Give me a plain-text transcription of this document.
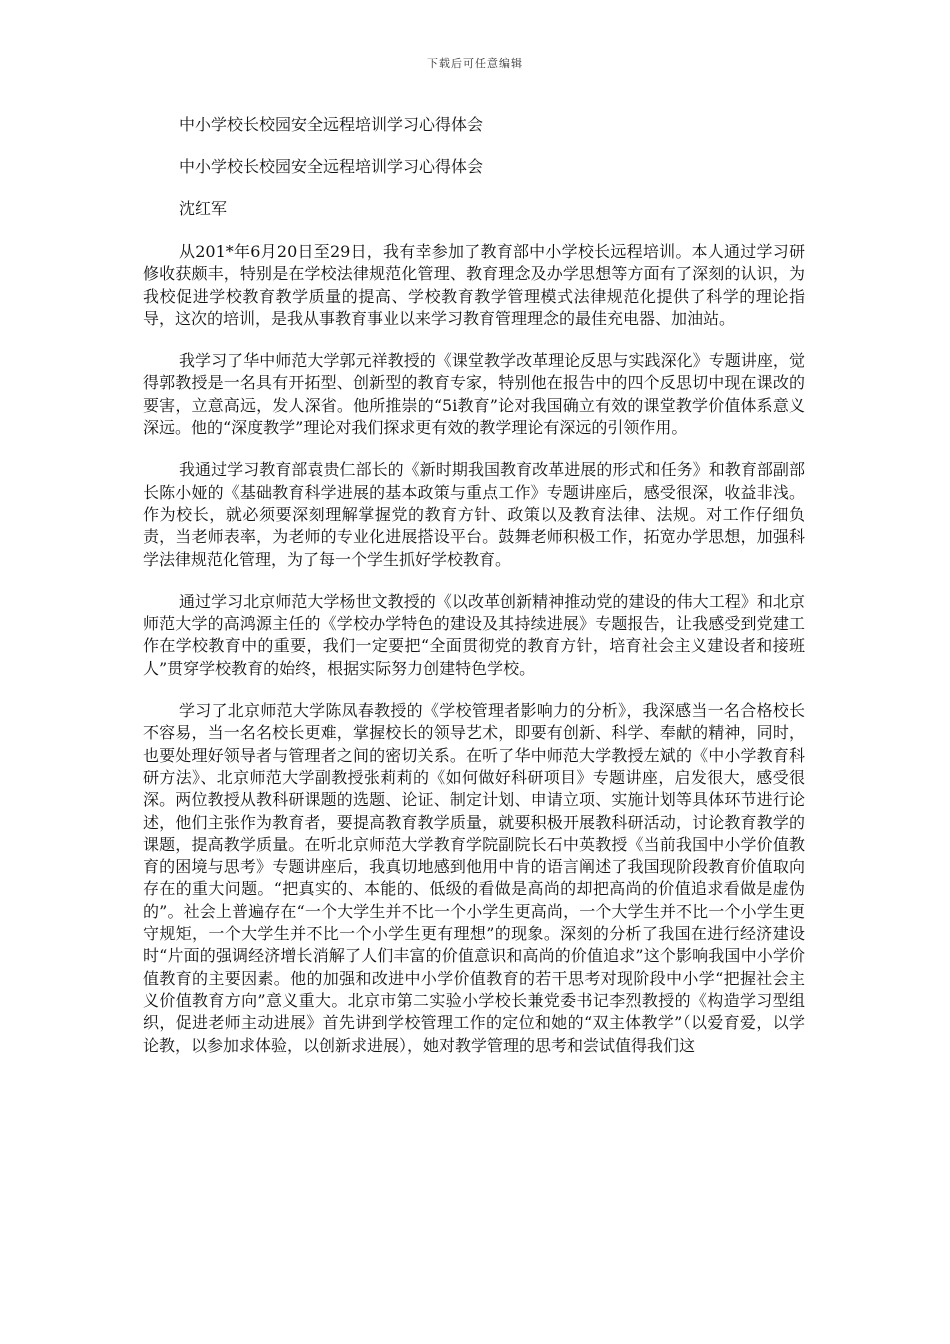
下载后可任意编辑
中小学校长校园安全远程培训学习心得体会
中小学校长校园安全远程培训学习心得体会
沈红军

从201*年6月20日至29日，我有幸参加了教育部中小学校长远程培训。本人通过学习研修收获颇丰，特别是在学校法律规范化管理、教育理念及办学思想等方面有了深刻的认识，为我校促进学校教育教学质量的提高、学校教育教学管理模式法律规范化提供了科学的理论指导，这次的培训，是我从事教育事业以来学习教育管理理念的最佳充电器、加油站。

我学习了华中师范大学郭元祥教授的《课堂教学改革理论反思与实践深化》专题讲座，觉得郭教授是一名具有开拓型、创新型的教育专家，特别他在报告中的四个反思切中现在课改的要害，立意高远，发人深省。他所推崇的“5i教育”论对我国确立有效的课堂教学价值体系意义深远。他的“深度教学”理论对我们探求更有效的教学理论有深远的引领作用。

我通过学习教育部袁贵仁部长的《新时期我国教育改革进展的形式和任务》和教育部副部长陈小娅的《基础教育科学进展的基本政策与重点工作》专题讲座后，感受很深，收益非浅。作为校长，就必须要深刻理解掌握党的教育方针、政策以及教育法律、法规。对工作仔细负责，当老师表率，为老师的专业化进展搭设平台。鼓舞老师积极工作，拓宽办学思想，加强科学法律规范化管理，为了每一个学生抓好学校教育。

通过学习北京师范大学杨世文教授的《以改革创新精神推动党的建设的伟大工程》和北京师范大学的高鸿源主任的《学校办学特色的建设及其持续进展》专题报告，让我感受到党建工作在学校教育中的重要，我们一定要把“全面贯彻党的教育方针，培育社会主义建设者和接班人”贯穿学校教育的始终，根据实际努力创建特色学校。

学习了北京师范大学陈凤春教授的《学校管理者影响力的分析》，我深感当一名合格校长不容易，当一名名校长更难，掌握校长的领导艺术，即要有创新、科学、奉献的精神，同时，也要处理好领导者与管理者之间的密切关系。在听了华中师范大学教授左斌的《中小学教育科研方法》、北京师范大学副教授张莉莉的《如何做好科研项目》专题讲座，启发很大，感受很深。两位教授从教科研课题的选题、论证、制定计划、申请立项、实施计划等具体环节进行论述，他们主张作为教育者，要提高教育教学质量，就要积极开展教科研活动，讨论教育教学的课题，提高教学质量。在听北京师范大学教育学院副院长石中英教授《当前我国中小学价值教育的困境与思考》专题讲座后，我真切地感到他用中肯的语言阐述了我国现阶段教育价值取向存在的重大问题。“把真实的、本能的、低级的看做是高尚的却把高尚的价值追求看做是虚伪的”。社会上普遍存在“一个大学生并不比一个小学生更高尚，一个大学生并不比一个小学生更守规矩，一个大学生并不比一个小学生更有理想”的现象。深刻的分析了我国在进行经济建设时“片面的强调经济增长消解了人们丰富的价值意识和高尚的价值追求”这个影响我国中小学价值教育的主要因素。他的加强和改进中小学价值教育的若干思考对现阶段中小学“把握社会主义价值教育方向”意义重大。北京市第二实验小学校长兼党委书记李烈教授的《构造学习型组织，促进老师主动进展》首先讲到学校管理工作的定位和她的“双主体教学”（以爱育爱，以学论教，以参加求体验，以创新求进展），她对教学管理的思考和尝试值得我们这
